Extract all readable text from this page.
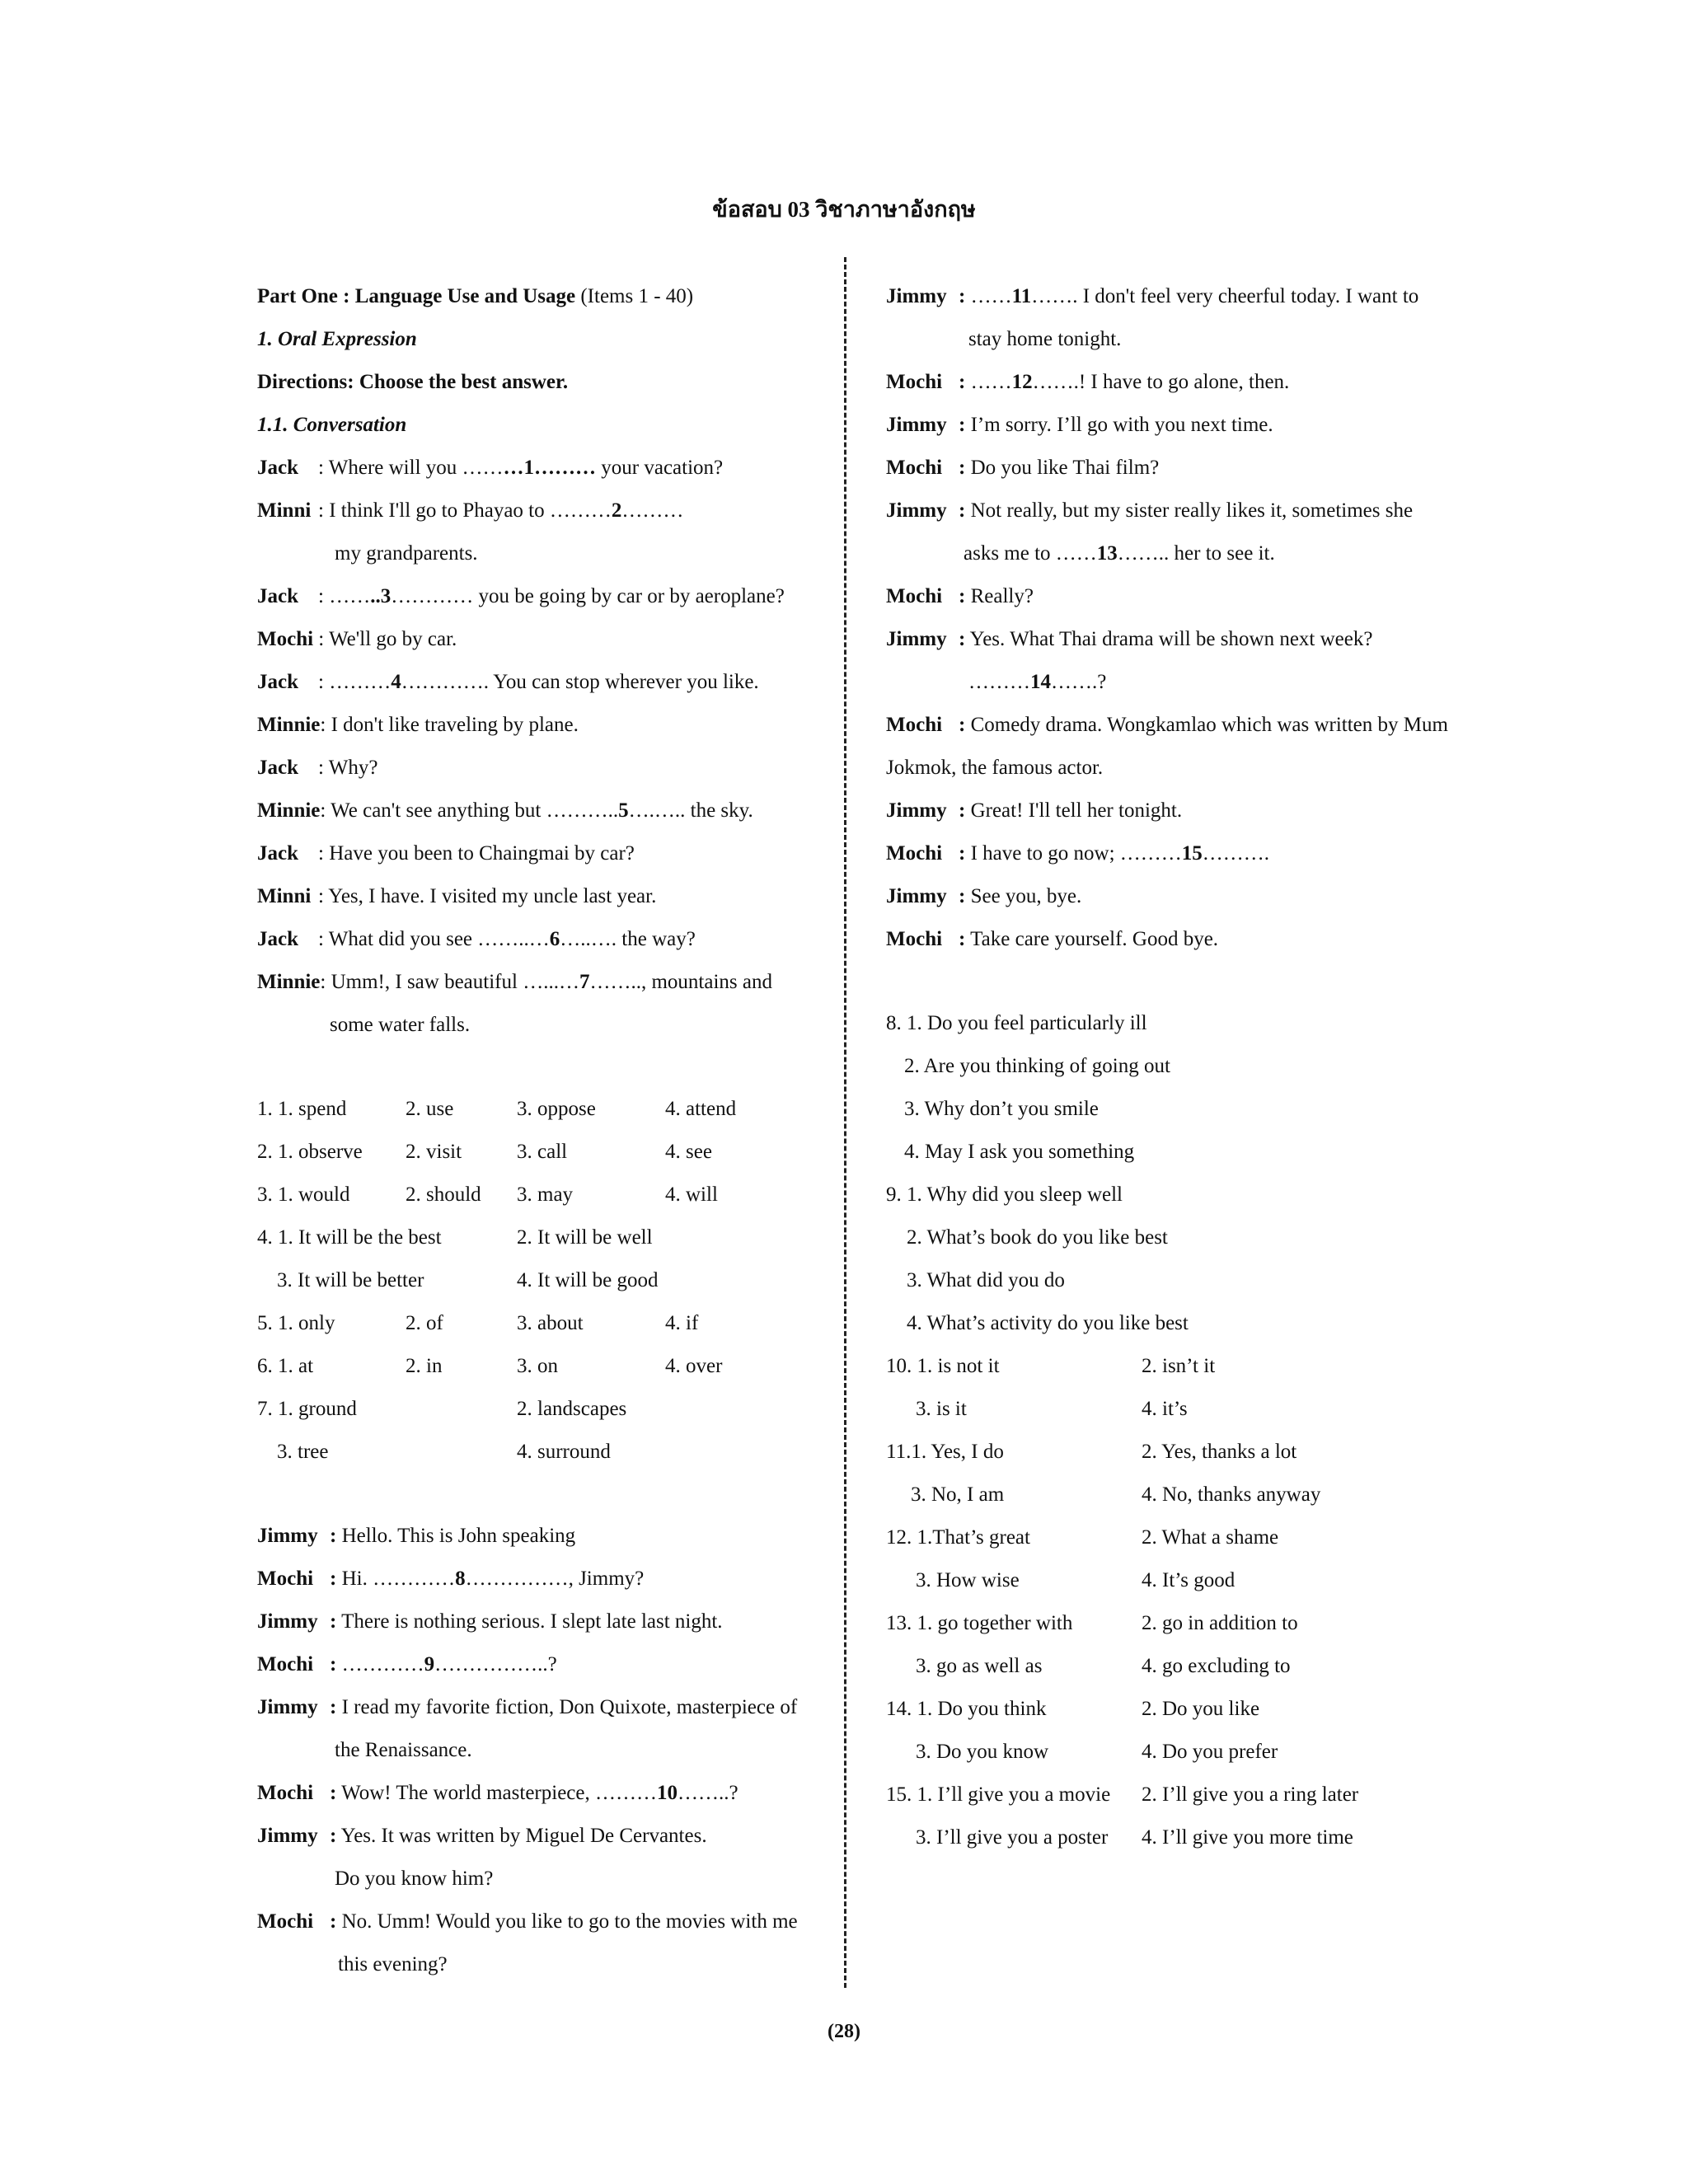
ข้อสอบ 03 วิชาภาษาอังกฤษ
Part One : Language Use and Usage (Items 1 - 40)
1. Oral Expression
Directions: Choose the best answer.
1.1. Conversation
Jack : Where will you ………1……… your vacation?
Minni : I think I'll go to Phayao to ………2………
my grandparents.
Jack : ……..3………… you be going by car or by aeroplane?
Mochi : We'll go by car.
Jack : ………4…………. You can stop wherever you like.
Minnie: I don't like traveling by plane.
Jack : Why?
Minnie: We can't see anything but ………..5….….. the sky.
Jack : Have you been to Chaingmai by car?
Minni : Yes, I have. I visited my uncle last year.
Jack : What did you see ……..…6…..…. the way?
Minnie: Umm!, I saw beautiful …...…7…….., mountains and
some water falls.
1. 1. spend	2. use	3. oppose	4. attend
2. 1. observe 2. visit	3. call	4. see
3. 1. would	2. should 3. may	4. will
4. 1. It will be the best	2. It will be well
3. It will be better	4. It will be good
5. 1. only	2. of	3. about	4. if
6. 1. at	2. in	3. on	4. over
7. 1. ground	2. landscapes
3. tree	4. surround
Jimmy : Hello. This is John speaking
Mochi : Hi. …………8……………, Jimmy?
Jimmy : There is nothing serious. I slept late last night.
Mochi : …………9……………..?
Jimmy : I read my favorite fiction, Don Quixote, masterpiece of
the Renaissance.
Mochi : Wow! The world masterpiece, ………10……..?
Jimmy : Yes. It was written by Miguel De Cervantes.
Do you know him?
Mochi : No. Umm! Would you like to go to the movies with me
this evening?
Jimmy : ……11……. I don't feel very cheerful today. I want to
stay home tonight.
Mochi : ……12…….! I have to go alone, then.
Jimmy : I’m sorry. I’ll go with you next time.
Mochi : Do you like Thai film?
Jimmy : Not really, but my sister really likes it, sometimes she
asks me to ……13…….. her to see it.
Mochi : Really?
Jimmy : Yes. What Thai drama will be shown next week?
………14…….?
Mochi : Comedy drama. Wongkamlao which was written by Mum
Jokmok, the famous actor.
Jimmy : Great! I'll tell her tonight.
Mochi : I have to go now; ………15……….
Jimmy : See you, bye.
Mochi : Take care yourself. Good bye.
8. 1. Do you feel particularly ill
2. Are you thinking of going out
3. Why don’t you smile
4. May I ask you something
9. 1. Why did you sleep well
2. What’s book do you like best
3. What did you do
4. What’s activity do you like best
10. 1. is not it	2. isn’t it
3. is it	4. it’s
11.1. Yes, I do	2. Yes, thanks a lot
3. No, I am	4. No, thanks anyway
12. 1.That’s great	2. What a shame
3. How wise	4. It’s good
13. 1. go together with	2. go in addition to
3. go as well as	4. go excluding to
14. 1. Do you think	2. Do you like
3. Do you know	4. Do you prefer
15. 1. I’ll give you a movie 2. I’ll give you a ring later
3. I’ll give you a poster 4. I’ll give you more time
(28)
